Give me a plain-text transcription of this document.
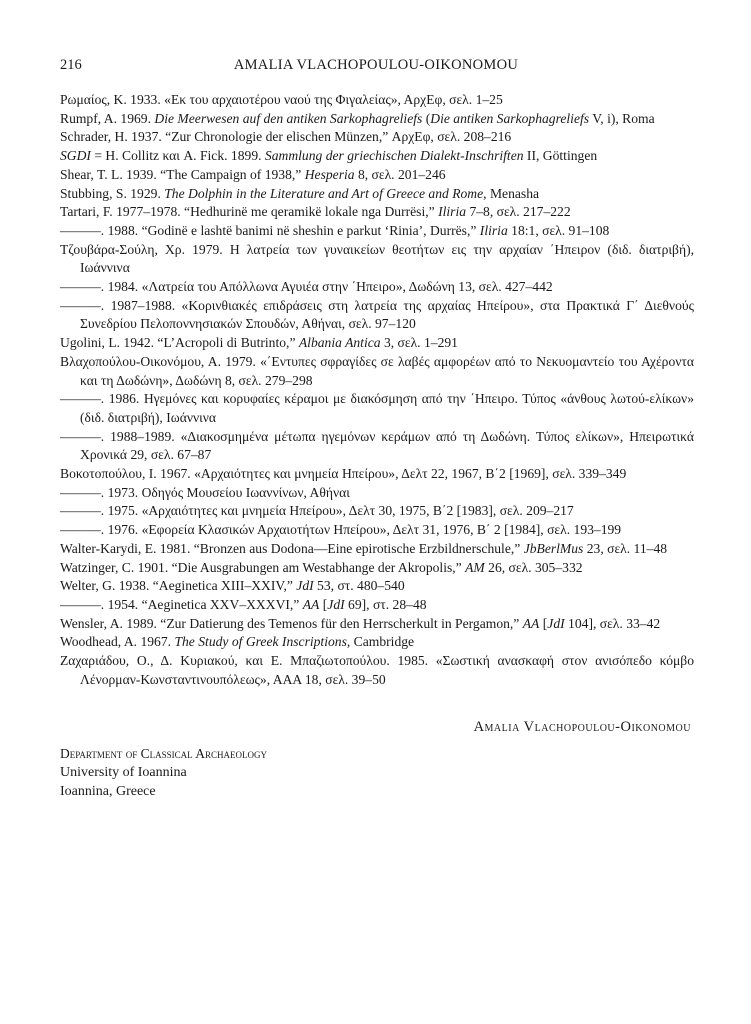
216	AMALIA VLACHOPOULOU-OIKONOMOU

Ρωμαίος, Κ. 1933. «Εκ του αρχαιοτέρου ναού της Φιγαλείας», ΑρχΕφ, σελ. 1–25

Rumpf, A. 1969. Die Meerwesen auf den antiken Sarkophagreliefs (Die antiken Sarkophagreliefs V, i), Roma

Schrader, H. 1937. “Zur Chronologie der elischen Münzen,” ΑρχΕφ, σελ. 208–216

SGDI = H. Collitz και A. Fick. 1899. Sammlung der griechischen Dialekt-Inschriften II, Göttingen

Shear, T. L. 1939. “The Campaign of 1938,” Hesperia 8, σελ. 201–246

Stubbing, S. 1929. The Dolphin in the Literature and Art of Greece and Rome, Menasha

Tartari, F. 1977–1978. “Hedhurinë me qeramikë lokale nga Durrësi,” Iliria 7–8, σελ. 217–222

———. 1988. “Godinë e lashtë banimi në sheshin e parkut ‘Rinia’, Durrës,” Iliria 18:1, σελ. 91–108

Τζουβάρα-Σούλη, Χρ. 1979. Η λατρεία των γυναικείων θεοτήτων εις την αρχαίαν ΄Ηπειρον (διδ. διατριβή), Ιωάννινα

———. 1984. «Λατρεία του Απόλλωνα Αγυιέα στην ΄Ηπειρο», Δωδώνη 13, σελ. 427–442

———. 1987–1988. «Κορινθιακές επιδράσεις στη λατρεία της αρχαίας Ηπείρου», στα Πρακτικά Γ΄ Διεθνούς Συνεδρίου Πελοποννησιακών Σπουδών, Αθήναι, σελ. 97–120

Ugolini, L. 1942. “L’Acropoli di Butrinto,” Albania Antica 3, σελ. 1–291

Βλαχοπούλου-Οικονόμου, Α. 1979. «΄Εντυπες σφραγίδες σε λαβές αμφορέων από το Νεκυομαντείο του Αχέροντα και τη Δωδώνη», Δωδώνη 8, σελ. 279–298

———. 1986. Ηγεμόνες και κορυφαίες κέραμοι με διακόσμηση από την ΄Ηπειρο. Τύπος «άνθους λωτού-ελίκων» (διδ. διατριβή), Ιωάννινα

———. 1988–1989. «Διακοσμημένα μέτωπα ηγεμόνων κεράμων από τη Δωδώνη. Τύπος ελίκων», Ηπειρωτικά Χρονικά 29, σελ. 67–87

Βοκοτοπούλου, Ι. 1967. «Αρχαιότητες και μνημεία Ηπείρου», Δελτ 22, 1967, Β΄2 [1969], σελ. 339–349

———. 1973. Οδηγός Μουσείου Ιωαννίνων, Αθήναι

———. 1975. «Αρχαιότητες και μνημεία Ηπείρου», Δελτ 30, 1975, Β΄2 [1983], σελ. 209–217

———. 1976. «Εφορεία Κλασικών Αρχαιοτήτων Ηπείρου», Δελτ 31, 1976, Β΄ 2 [1984], σελ. 193–199

Walter-Karydi, E. 1981. “Bronzen aus Dodona—Eine epirotische Erzbildnerschule,” JbBerlMus 23, σελ. 11–48

Watzinger, C. 1901. “Die Ausgrabungen am Westabhange der Akropolis,” AM 26, σελ. 305–332

Welter, G. 1938. “Aeginetica XIII–XXIV,” JdI 53, στ. 480–540

———. 1954. “Aeginetica XXV–XXXVI,” AA [JdI 69], στ. 28–48

Wensler, A. 1989. “Zur Datierung des Temenos für den Herrscherkult in Pergamon,” AA [JdI 104], σελ. 33–42

Woodhead, A. 1967. The Study of Greek Inscriptions, Cambridge

Ζαχαριάδου, Ο., Δ. Κυριακού, και Ε. Μπαζιωτοπούλου. 1985. «Σωστική ανασκαφή στον ανισόπεδο κόμβο Λένορμαν-Κωνσταντινουπόλεως», ΑΑΑ 18, σελ. 39–50

Amalia Vlachopoulou-Oikonomou
Department of Classical Archaeology
University of Ioannina
Ioannina, Greece
